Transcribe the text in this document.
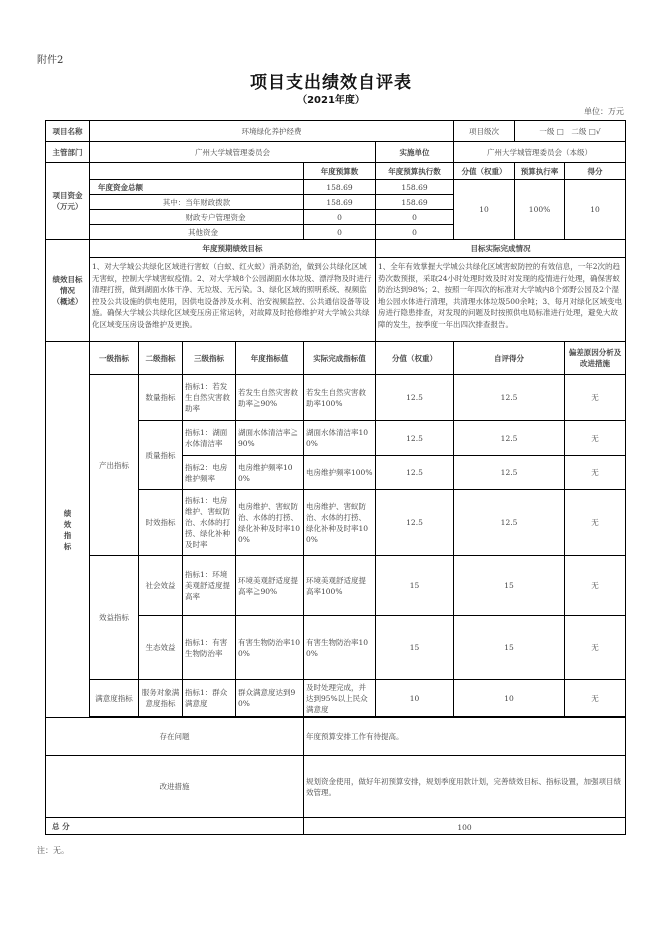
附件2
项目支出绩效自评表
（2021年度）
单位：万元
项目名称	环境绿化养护经费						项目级次	一级 □　二级 □√	
主管部门	广州大学城管理委员会					实施单位	广州大学城管理委员会（本级）		

项目资金
（万元）					年度预算数	年度预算执行数	分值（权重）	预算执行率	得分
	年度资金总额				158.69	158.69	10	100%	10
	其中：当年财政拨款				158.69	158.69			
	财政专户管理资金				0	0			
	其他资金				0	0			

绩效目标
情况
（概述）	年度预期绩效目标					目标实际完成情况			
	1、对大学城公共绿化区域进行害蚁（白蚁、红火蚁）消杀防治，做到公共绿化区域无害蚁，控制大学城害蚁疫情。2、对大学城8个公园湖面水体垃圾、漂浮物及时进行清理打捞，做到湖面水体干净、无垃圾、无污染。3、绿化区域的照明系统、视频监控及公共设施的供电使用，因供电设备涉及水利、治安视频监控、公共通信设备等设施。确保大学城公共绿化区域变压房正常运转，对故障及时抢修维护对大学城公共绿化区域变压房设备维护及更换。					1、全年有效掌握大学城公共绿化区域害蚁防控的有效信息，一年2次的趋势次数预报，采取24小时处理时效及时对发现的疫情进行处理，确保害蚁防治达到98%；2、按照一年四次的标准对大学城内8个郊野公园及2个湿地公园水体进行清理，共清理水体垃圾500余吨；3、每月对绿化区域变电房进行隐患排查，对发现的问题及时按照供电局标准进行处理，避免大故障的发生，按季度一年出四次排查报告。			

绩
效
指
标	一级指标	二级指标	三级指标	年度指标值	实际完成指标值	分值（权重）	自评得分		偏差原因分析及改进措施
	产出指标	数量指标	指标1：若发生自然灾害救助率	若发生自然灾害救助率≧90%	若发生自然灾害救助率100%	12.5	12.5		无
		质量指标	指标1：湖面水体清洁率	湖面水体清洁率≧90%	湖面水体清洁率100%	12.5	12.5		无
			指标2：电房维护频率	电房维护频率100%	电房维护频率100%	12.5	12.5		无
		时效指标	指标1：电房维护、害蚁防治、水体的打捞、绿化补种及时率	电房维护、害蚁防治、水体的打捞、绿化补种及时率100%	电房维护、害蚁防治、水体的打捞、绿化补种及时率100%	12.5	12.5		无
	效益指标	社会效益	指标1：环境美观舒适度提高率	环境美观舒适度提高率≧90%	环境美观舒适度提高率100%	15	15		无
		生态效益	指标1：有害生物防治率	有害生物防治率100%	有害生物防治率100%	15	15		无
	满意度指标	服务对象满意度指标	指标1：群众满意度	群众满意度达到90%	及时处理完成，并达到95%以上民众满意度	10	10		无

存在问题					年度预算安排工作有待提高。				
改进措施					规划资金使用，做好年初预算安排，规划季度用款计划，完善绩效目标、指标设置，加强项目绩效管理。				
总 分					100				
注：无。
